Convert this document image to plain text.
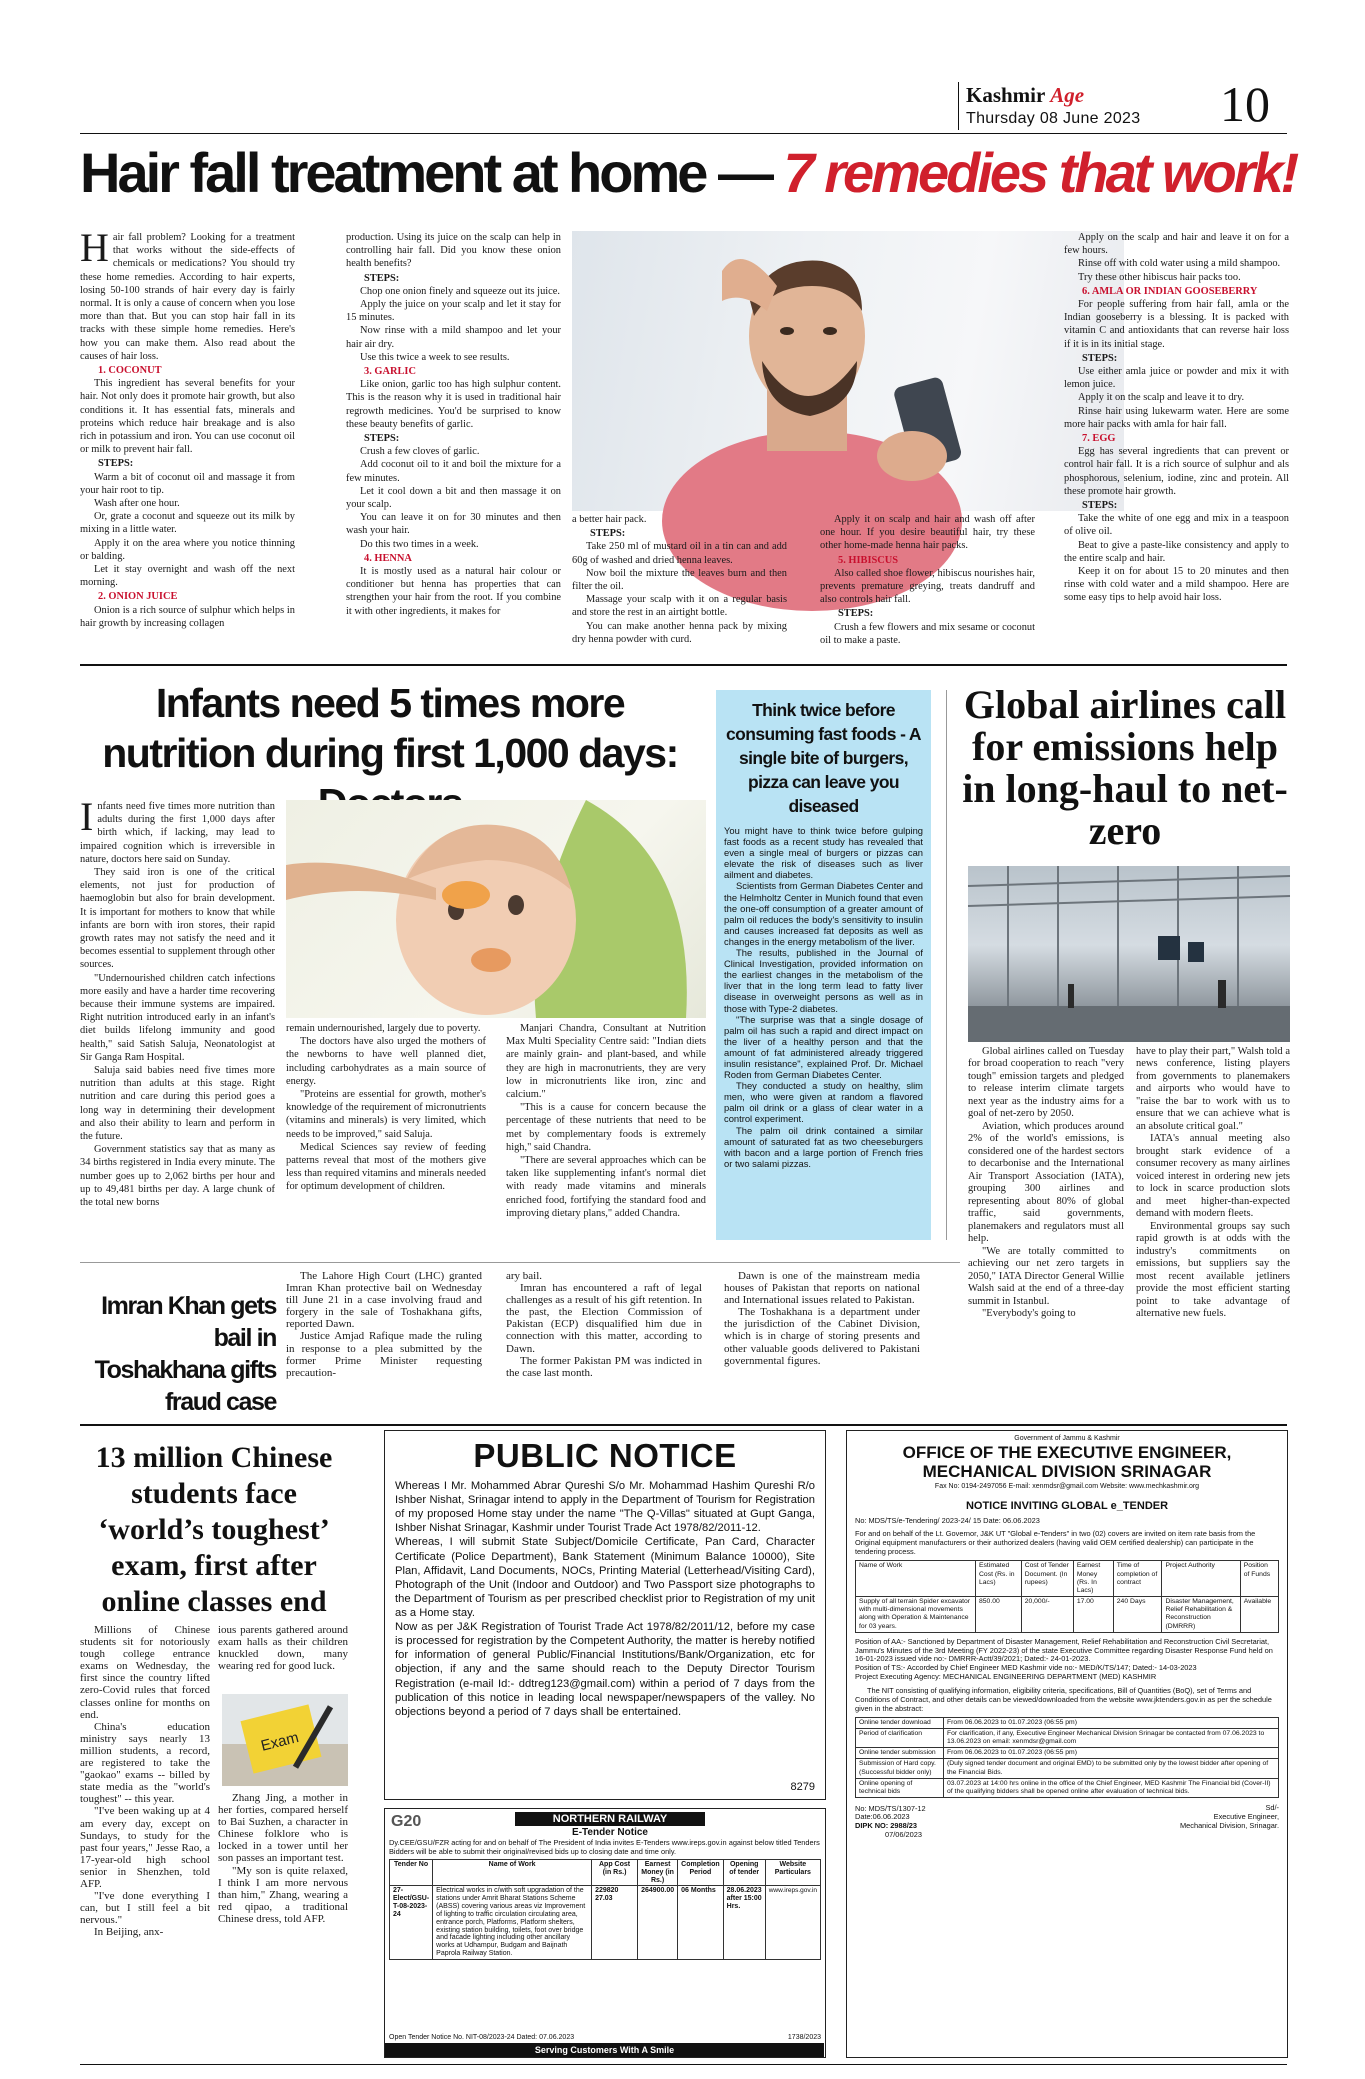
Kashmir Age
Thursday 08 June 2023 10
Hair fall treatment at home — 7 remedies that work!

Hair fall problem? Looking for a treatment that works without the side-effects of chemicals or medications? You should try these home remedies. According to hair experts, losing 50-100 strands of hair every day is fairly normal. It is only a cause of concern when you lose more than that. But you can stop hair fall in its tracks with these simple home remedies. Here's how you can make them. Also read about the causes of hair loss.

1. COCONUT

This ingredient has several benefits for your hair. Not only does it promote hair growth, but also conditions it. It has essential fats, minerals and proteins which reduce hair breakage and is also rich in potassium and iron. You can use coconut oil or milk to prevent hair fall.

STEPS:

Warm a bit of coconut oil and massage it from your hair root to tip.

Wash after one hour.

Or, grate a coconut and squeeze out its milk by mixing in a little water.

Apply it on the area where you notice thinning or balding.

Let it stay overnight and wash off the next morning.

2. ONION JUICE

Onion is a rich source of sulphur which helps in hair growth by increasing collagen

production. Using its juice on the scalp can help in controlling hair fall. Did you know these onion health benefits?

STEPS:

Chop one onion finely and squeeze out its juice.

Apply the juice on your scalp and let it stay for 15 minutes.

Now rinse with a mild shampoo and let your hair air dry.

Use this twice a week to see results.

3. GARLIC

Like onion, garlic too has high sulphur content. This is the reason why it is used in traditional hair regrowth medicines. You'd be surprised to know these beauty benefits of garlic.

STEPS:

Crush a few cloves of garlic.

Add coconut oil to it and boil the mixture for a few minutes.

Let it cool down a bit and then massage it on your scalp.

You can leave it on for 30 minutes and then wash your hair.

Do this two times in a week.

4. HENNA

It is mostly used as a natural hair colour or conditioner but henna has properties that can strengthen your hair from the root. If you combine it with other ingredients, it makes for

a better hair pack.

STEPS:

Take 250 ml of mustard oil in a tin can and add 60g of washed and dried henna leaves.

Now boil the mixture the leaves burn and then filter the oil.

Massage your scalp with it on a regular basis and store the rest in an airtight bottle.

You can make another henna pack by mixing dry henna powder with curd.

Apply it on scalp and hair and wash off after one hour. If you desire beautiful hair, try these other home-made henna hair packs.

5. HIBISCUS

Also called shoe flower, hibiscus nourishes hair, prevents premature greying, treats dandruff and also controls hair fall.

STEPS:

Crush a few flowers and mix sesame or coconut oil to make a paste.

Apply on the scalp and hair and leave it on for a few hours.

Rinse off with cold water using a mild shampoo.

Try these other hibiscus hair packs too.

6. AMLA OR INDIAN GOOSEBERRY

For people suffering from hair fall, amla or the Indian gooseberry is a blessing. It is packed with vitamin C and antioxidants that can reverse hair loss if it is in its initial stage.

STEPS:

Use either amla juice or powder and mix it with lemon juice.

Apply it on the scalp and leave it to dry.

Rinse hair using lukewarm water. Here are some more hair packs with amla for hair fall.

7. EGG

Egg has several ingredients that can prevent or control hair fall. It is a rich source of sulphur and als phosphorous, selenium, iodine, zinc and protein. All these promote hair growth.

STEPS:

Take the white of one egg and mix in a teaspoon of olive oil.

Beat to give a paste-like consistency and apply to the entire scalp and hair.

Keep it on for about 15 to 20 minutes and then rinse with cold water and a mild shampoo. Here are some easy tips to help avoid hair loss.

Infants need 5 times more nutrition during first 1,000 days:

Infants need five times more nutrition than adults during the first 1,000 days after birth which, if lacking, may lead to impaired cognition which is irreversible in nature, doctors here said on Sunday.

They said iron is one of the critical elements, not just for production of haemoglobin but also for brain development. It is important for mothers to know that while infants are born with iron stores, their rapid growth rates may not satisfy the need and it becomes essential to supplement through other sources.

"Undernourished children catch infections more easily and have a harder time recovering because their immune systems are impaired. Right nutrition introduced early in an infant's diet builds lifelong immunity and good health," said Satish Saluja, Neonatologist at Sir Ganga Ram Hospital.

Saluja said babies need five times more nutrition than adults at this stage. Right nutrition and care during this period goes a long way in determining their development and also their ability to learn and perform in the future.

Government statistics say that as many as 34 births registered in India every minute. The number goes up to 2,062 births per hour and up to 49,481 births per day. A large chunk of the total new borns

remain undernourished, largely due to poverty.

The doctors have also urged the mothers of the newborns to have well planned diet, including carbohydrates as a main source of energy.

"Proteins are essential for growth, mother's knowledge of the requirement of micronutrients (vitamins and minerals) is very limited, which needs to be improved," said Saluja.

Medical Sciences say review of feeding patterns reveal that most of the mothers give less than required vitamins and minerals needed for optimum development of children.

Manjari Chandra, Consultant at Nutrition Max Multi Speciality Centre said: "Indian diets are mainly grain- and plant-based, and while they are high in macronutrients, they are very low in micronutrients like iron, zinc and calcium."

"This is a cause for concern because the percentage of these nutrients that need to be met by complementary foods is extremely high," said Chandra.

"There are several approaches which can be taken like supplementing infant's normal diet with ready made vitamins and minerals enriched food, fortifying the standard food and improving dietary plans," added Chandra.

Think twice before consuming fast foods - A single bite of burgers, pizza can leave you diseased

You might have to think twice before gulping fast foods as a recent study has revealed that even a single meal of burgers or pizzas can elevate the risk of diseases such as liver ailment and diabetes.

Scientists from German Diabetes Center and the Helmholtz Center in Munich found that even the one-off consumption of a greater amount of palm oil reduces the body's sensitivity to insulin and causes increased fat deposits as well as changes in the energy metabolism of the liver.

The results, published in the Journal of Clinical Investigation, provided information on the earliest changes in the metabolism of the liver that in the long term lead to fatty liver disease in overweight persons as well as in those with Type-2 diabetes.

"The surprise was that a single dosage of palm oil has such a rapid and direct impact on the liver of a healthy person and that the amount of fat administered already triggered insulin resistance", explained Prof. Dr. Michael Roden from German Diabetes Center.

They conducted a study on healthy, slim men, who were given at random a flavored palm oil drink or a glass of clear water in a control experiment.

The palm oil drink contained a similar amount of saturated fat as two cheeseburgers with bacon and a large portion of French fries or two salami pizzas.

Global airlines call for emissions help in long-haul to net-zero

Global airlines called on Tuesday for broad cooperation to reach "very tough" emission targets and pledged to release interim climate targets next year as the industry aims for a goal of net-zero by 2050.

Aviation, which produces around 2% of the world's emissions, is considered one of the hardest sectors to decarbonise and the International Air Transport Association (IATA), grouping 300 airlines and representing about 80% of global traffic, said governments, planemakers and regulators must all help.

"We are totally committed to achieving our net zero targets in 2050," IATA Director General Willie Walsh said at the end of a three-day summit in Istanbul.

"Everybody's going to

have to play their part," Walsh told a news conference, listing players from governments to planemakers and airports who would have to "raise the bar to work with us to ensure that we can achieve what is an absolute critical goal."

IATA's annual meeting also brought stark evidence of a consumer recovery as many airlines voiced interest in ordering new jets to lock in scarce production slots and meet higher-than-expected demand with modern fleets.

Environmental groups say such rapid growth is at odds with the industry's commitments on emissions, but suppliers say the most recent available jetliners provide the most efficient starting point to take advantage of alternative new fuels.

Imran Khan gets bail in Toshakhana gifts fraud case

The Lahore High Court (LHC) granted Imran Khan protective bail on Wednesday till June 21 in a case involving fraud and forgery in the sale of Toshakhana gifts, reported Dawn.

Justice Amjad Rafique made the ruling in response to a plea submitted by the former Prime Minister requesting precaution-

ary bail.

Imran has encountered a raft of legal challenges as a result of his gift retention. In the past, the Election Commission of Pakistan (ECP) disqualified him due in connection with this matter, according to Dawn.

The former Pakistan PM was indicted in the case last month.

Dawn is one of the mainstream media houses of Pakistan that reports on national and International issues related to Pakistan.

The Toshakhana is a department under the jurisdiction of the Cabinet Division, which is in charge of storing presents and other valuable goods delivered to Pakistani governmental figures.

13 million Chinese students face ‘world’s toughest’ exam, first after online classes end

Millions of Chinese students sit for notoriously tough college entrance exams on Wednesday, the first since the country lifted zero-Covid rules that forced classes online for months on end.

China's education ministry says nearly 13 million students, a record, are registered to take the "gaokao" exams -- billed by state media as the "world's toughest" -- this year.

"I've been waking up at 4 am every day, except on Sundays, to study for the past four years," Jesse Rao, a 17-year-old high school senior in Shenzhen, told AFP.

"I've done everything I can, but I still feel a bit nervous."

In Beijing, anx-

ious parents gathered around exam halls as their children knuckled down, many wearing red for good luck.

Exam

Zhang Jing, a mother in her forties, compared herself to Bai Suzhen, a character in Chinese folklore who is locked in a tower until her son passes an important test.

"My son is quite relaxed, I think I am more nervous than him," Zhang, wearing a red qipao, a traditional Chinese dress, told AFP.

PUBLIC NOTICE

Whereas I Mr. Mohammed Abrar Qureshi S/o Mr. Mohammad Hashim Qureshi R/o Ishber Nishat, Srinagar intend to apply in the Department of Tourism for Registration of my proposed Home stay under the name "The Q-Villas" situated at Gupt Ganga, Ishber Nishat Srinagar, Kashmir under Tourist Trade Act 1978/82/2011-12.

Whereas, I will submit State Subject/Domicile Certificate, Pan Card, Character Certificate (Police Department), Bank Statement (Minimum Balance 10000), Site Plan, Affidavit, Land Documents, NOCs, Printing Material (Letterhead/Visiting Card), Photograph of the Unit (Indoor and Outdoor) and Two Passport size photographs to the Department of Tourism as per prescribed checklist prior to Registration of my unit as a Home stay.

Now as per J&K Registration of Tourist Trade Act 1978/82/2011/12, before my case is processed for registration by the Competent Authority, the matter is hereby notified for information of general Public/Financial Institutions/Bank/Organization, etc for objection, if any and the same should reach to the Deputy Director Tourism Registration (e-mail Id:- ddtreg123@gmail.com) within a period of 7 days from the publication of this notice in leading local newspaper/newspapers of the valley. No objections beyond a period of 7 days shall be entertained.

8279
G20	NORTHERN RAILWAY
E-Tender Notice
Dy.CEE/GSU/FZR acting for and on behalf of The President of India invites E-Tenders www.ireps.gov.in against below titled Tenders Bidders will be able to submit their original/revised bids up to closing date and time only.
Tender No	Name of Work	App Cost (in Rs.)	Earnest Money (in Rs.)	Completion Period	Opening of tender	Website Particulars
27-Elect/GSU-T-08-2023-24	Electrical works in c/with soft upgradation of the stations under Amrit Bharat Stations Scheme (ABSS) covering various areas viz Improvement of lighting to traffic circulation circulating area, entrance porch, Platforms, Platform shelters, existing station building, toilets, foot over bridge and facade lighting including other ancillary works at Udhampur, Budgam and Baijnath Paprola Railway Station.	229820 27.03	264900.00	06 Months	28.06.2023 after 15:00 Hrs.	www.ireps.gov.in
Open Tender Notice No. NIT-08/2023-24 Dated: 07.06.2023	1738/2023
Serving Customers With A Smile
Government of Jammu & Kashmir
OFFICE OF THE EXECUTIVE ENGINEER,
MECHANICAL DIVISION SRINAGAR
Fax No: 0194-2497056 E-mail: xenmdsr@gmail.com Website: www.mechkashmir.org
NOTICE INVITING GLOBAL e_TENDER
No: MDS/TS/e-Tendering/ 2023-24/ 15 Date: 06.06.2023
For and on behalf of the Lt. Governor, J&K UT "Global e-Tenders" in two (02) covers are invited on item rate basis from the Original equipment manufacturers or their authorized dealers (having valid OEM certified dealership) can participate in the tendering process.
Name of Work	Estimated Cost (Rs. in Lacs)	Cost of Tender Document. (In rupees)	Earnest Money (Rs. In Lacs)	Time of completion of contract	Project Authority	Position of Funds
Supply of all terrain Spider excavator with multi-dimensional movements along with Operation & Maintenance for 03 years.	850.00	20,000/-	17.00	240 Days	Disaster Management, Relief Rehabilitation & Reconstruction (DMRRR)	Available
Position of AA:- Sanctioned by Department of Disaster Management, Relief Rehabilitation and Reconstruction Civil Secretariat, Jammu's Minutes of the 3rd Meeting (FY 2022-23) of the state Executive Committee regarding Disaster Response Fund held on 16-01-2023 issued vide no:- DMRRR-Actt/39/2021; Dated:- 24-01-2023.
Position of TS:- Accorded by Chief Engineer MED Kashmir vide no:- MED/K/TS/147; Dated:- 14-03-2023
Project Executing Agency: MECHANICAL ENGINEERING DEPARTMENT (MED) KASHMIR
The NIT consisting of qualifying information, eligibility criteria, specifications, Bill of Quantities (BoQ), set of Terms and Conditions of Contract, and other details can be viewed/downloaded from the website www.jktenders.gov.in as per the schedule given in the abstract:
Online tender download	From 06.06.2023 to 01.07.2023 (06:55 pm)
Period of clarification	For clarification, if any, Executive Engineer Mechanical Division Srinagar be contacted from 07.06.2023 to 13.06.2023 on email: xenmdsr@gmail.com
Online tender submission	From 06.06.2023 to 01.07.2023 (06:55 pm)
Submission of Hard copy. (Successful bidder only)	(Duly signed tender document and original EMD) to be submitted only by the lowest bidder after opening of the Financial Bids.
Online opening of technical bids	03.07.2023 at 14:00 hrs online in the office of the Chief Engineer, MED Kashmir The Financial bid (Cover-II) of the qualifying bidders shall be opened online after evaluation of technical bids.
Sd/-
Executive Engineer,
Mechanical Division, Srinagar.
No: MDS/TS/1307-12
Date:06.06.2023
DIPK NO: 2988/23
07/06/2023
